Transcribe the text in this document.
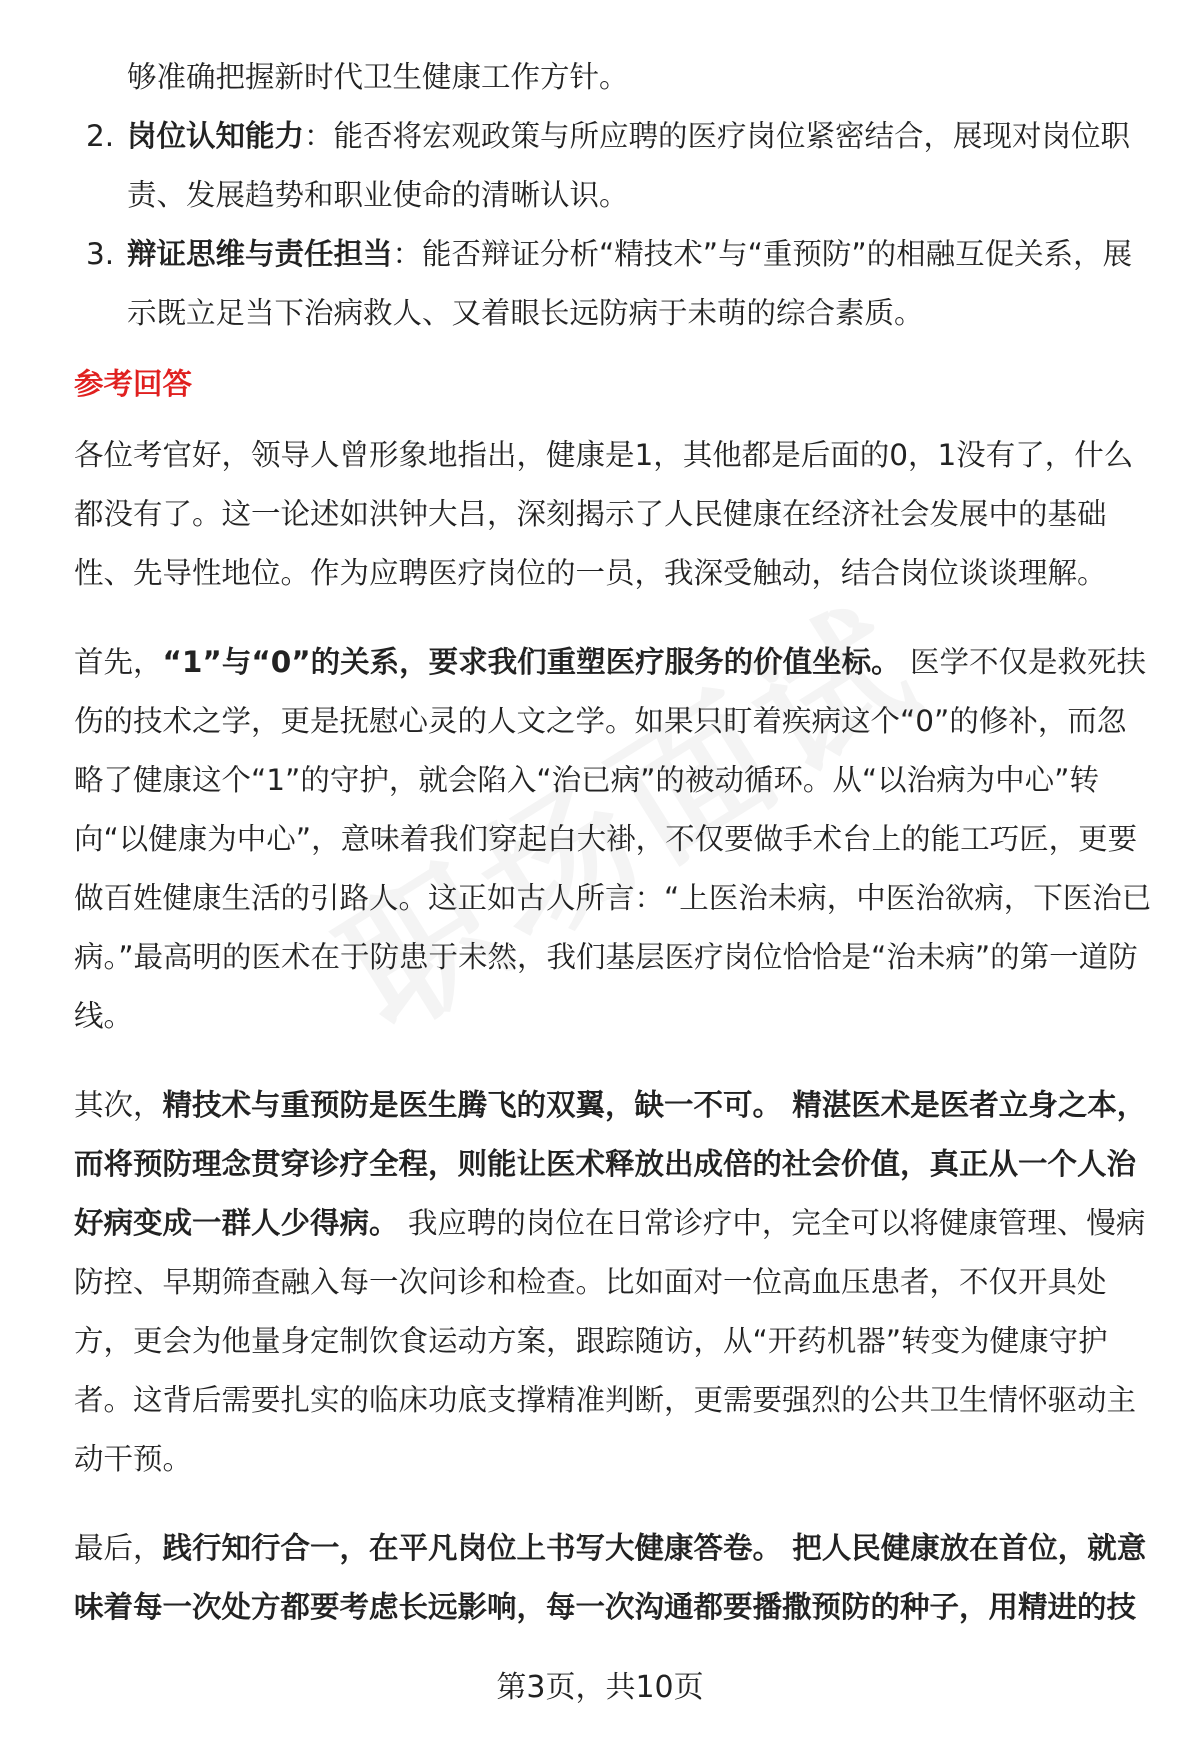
够准确把握新时代卫生健康工作方针。
2. 岗位认知能力：能否将宏观政策与所应聘的医疗岗位紧密结合，展现对岗位职责、发展趋势和职业使命的清晰认识。
3. 辩证思维与责任担当：能否辩证分析“精技术”与“重预防”的相融互促关系，展示既立足当下治病救人、又着眼长远防病于未萌的综合素质。
参考回答

各位考官好，领导人曾形象地指出，健康是1，其他都是后面的0，1没有了，什么都没有了。这一论述如洪钟大吕，深刻揭示了人民健康在经济社会发展中的基础性、先导性地位。作为应聘医疗岗位的一员，我深受触动，结合岗位谈谈理解。

首先，“1”与“0”的关系，要求我们重塑医疗服务的价值坐标。 医学不仅是救死扶伤的技术之学，更是抚慰心灵的人文之学。如果只盯着疾病这个“0”的修补，而忽略了健康这个“1”的守护，就会陷入“治已病”的被动循环。从“以治病为中心”转向“以健康为中心”，意味着我们穿起白大褂，不仅要做手术台上的能工巧匠，更要做百姓健康生活的引路人。这正如古人所言：“上医治未病，中医治欲病，下医治已病。”最高明的医术在于防患于未然，我们基层医疗岗位恰恰是“治未病”的第一道防线。

其次，精技术与重预防是医生腾飞的双翼，缺一不可。 精湛医术是医者立身之本，而将预防理念贯穿诊疗全程，则能让医术释放出成倍的社会价值，真正从一个人治好病变成一群人少得病。 我应聘的岗位在日常诊疗中，完全可以将健康管理、慢病防控、早期筛查融入每一次问诊和检查。比如面对一位高血压患者，不仅开具处方，更会为他量身定制饮食运动方案，跟踪随访，从“开药机器”转变为健康守护者。这背后需要扎实的临床功底支撑精准判断，更需要强烈的公共卫生情怀驱动主动干预。

最后，践行知行合一，在平凡岗位上书写大健康答卷。 把人民健康放在首位，就意味着每一次处方都要考虑长远影响，每一次沟通都要播撒预防的种子，用精进的技

第3页，共10页
